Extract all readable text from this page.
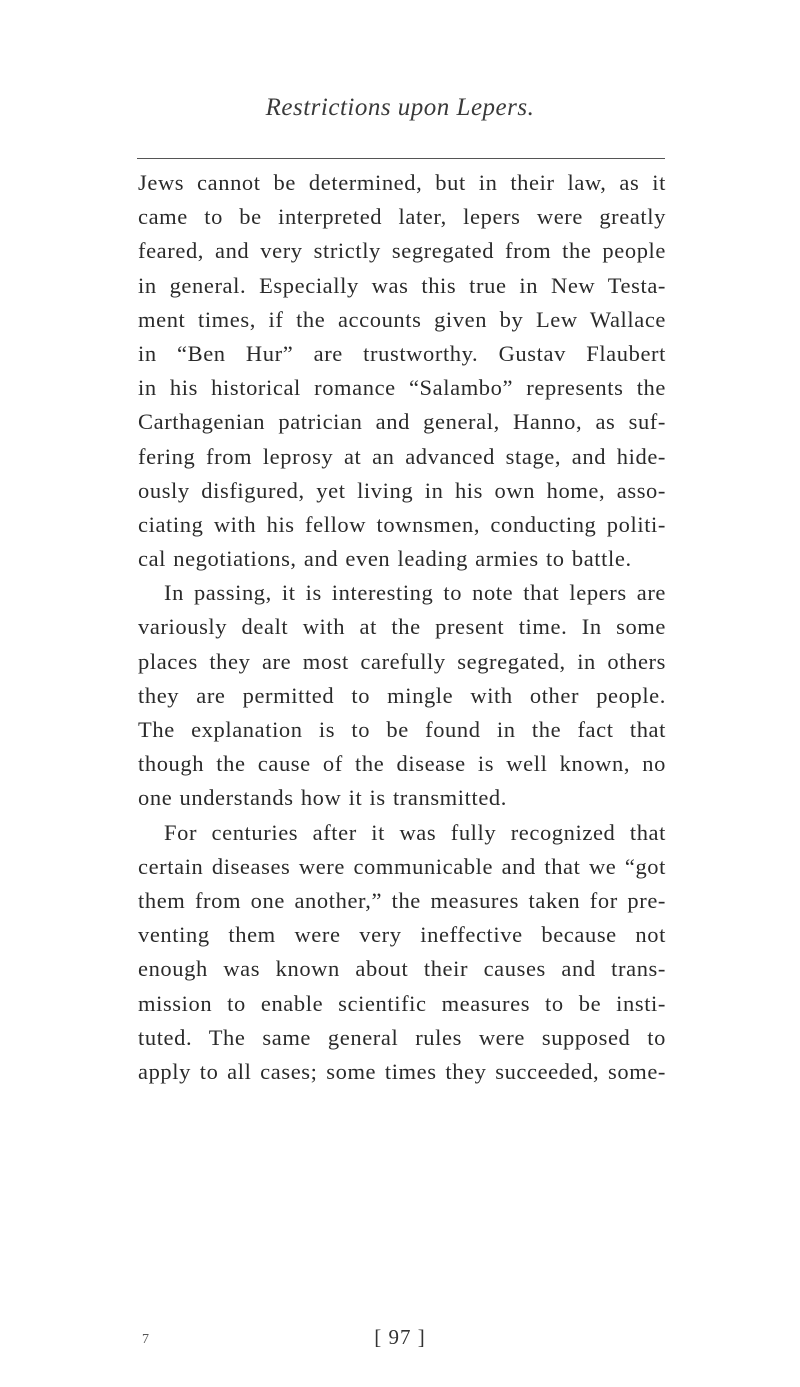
Restrictions upon Lepers.
Jews cannot be determined, but in their law, as it
came to be interpreted later, lepers were greatly
feared, and very strictly segregated from the people
in general. Especially was this true in New Testa-
ment times, if the accounts given by Lew Wallace
in “Ben Hur” are trustworthy. Gustav Flaubert
in his historical romance “Salambo” represents the
Carthagenian patrician and general, Hanno, as suf-
fering from leprosy at an advanced stage, and hide-
ously disfigured, yet living in his own home, asso-
ciating with his fellow townsmen, conducting politi-
cal negotiations, and even leading armies to battle.
In passing, it is interesting to note that lepers are
variously dealt with at the present time. In some
places they are most carefully segregated, in others
they are permitted to mingle with other people.
The explanation is to be found in the fact that
though the cause of the disease is well known, no
one understands how it is transmitted.
For centuries after it was fully recognized that
certain diseases were communicable and that we “got
them from one another,” the measures taken for pre-
venting them were very ineffective because not
enough was known about their causes and trans-
mission to enable scientific measures to be insti-
tuted. The same general rules were supposed to
apply to all cases; some times they succeeded, some-
7	[ 97 ]
